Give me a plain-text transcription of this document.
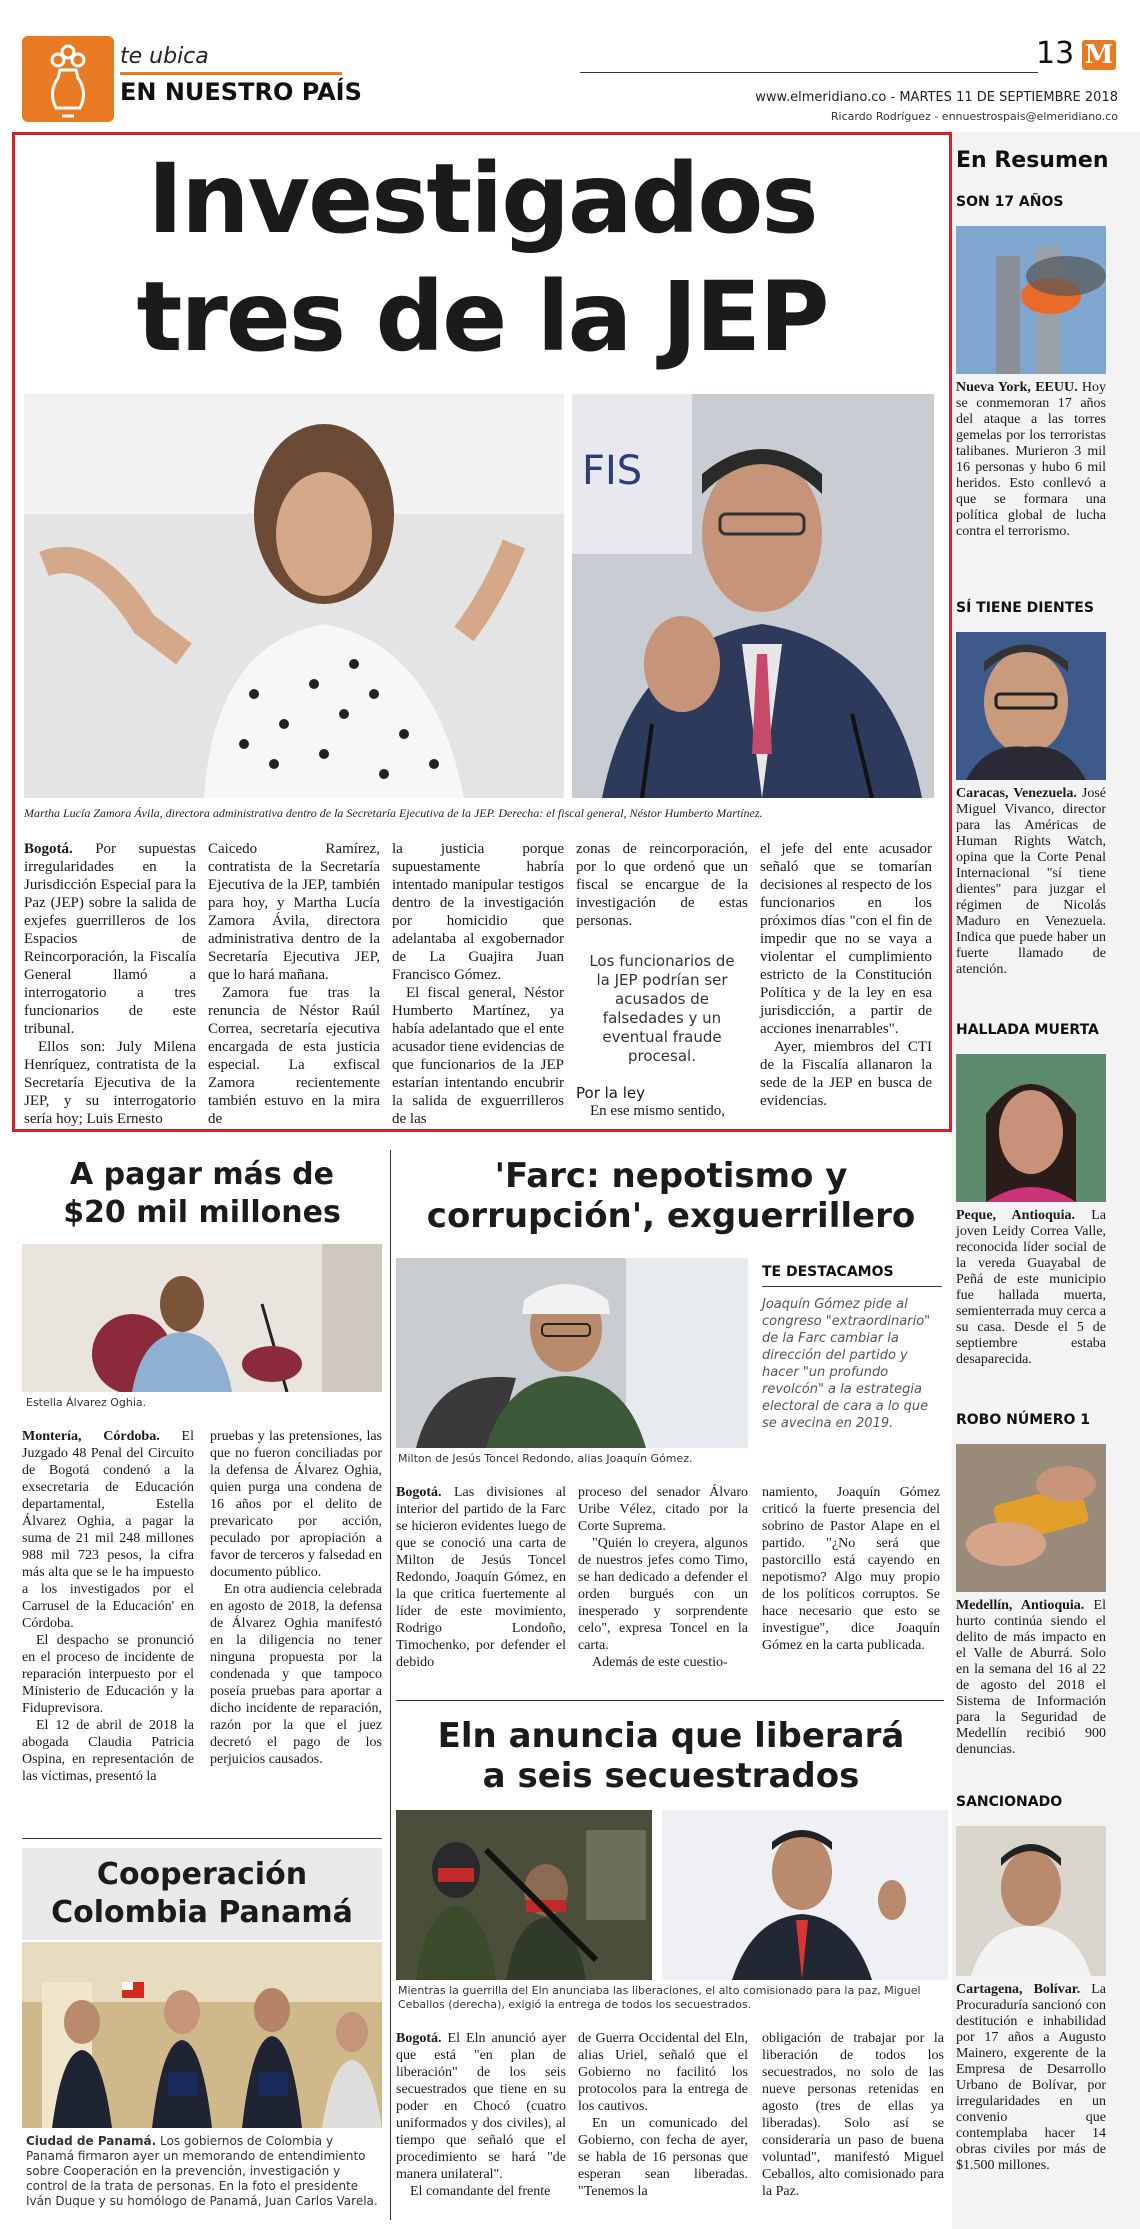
te ubica
EN NUESTRO PAÍS
13 M
www.elmeridiano.co - MARTES 11 DE SEPTIEMBRE 2018
Ricardo Rodríguez - ennuestrospais@elmeridiano.co
Investigados
tres de la JEP
FIS
Martha Lucía Zamora Ávila, directora administrativa dentro de la Secretaría Ejecutiva de la JEP. Derecha: el fiscal general, Néstor Humberto Martínez.
Bogotá. Por supuestas irregularidades en la Jurisdicción Especial para la Paz (JEP) sobre la salida de exjefes guerrilleros de los Espacios de Reincorporación, la Fiscalía General llamó a interrogatorio a tres funcionarios de este tribunal.
Ellos son: July Milena Henríquez, contratista de la Secretaría Ejecutiva de la JEP, y su interrogatorio sería hoy; Luis Ernesto
Caicedo Ramírez, contratista de la Secretaría Ejecutiva de la JEP, también para hoy, y Martha Lucía Zamora Ávila, directora administrativa dentro de la Secretaría Ejecutiva JEP, que lo hará mañana.
Zamora fue tras la renuncia de Néstor Raúl Correa, secretaría ejecutiva encargada de esta justicia especial. La exfiscal Zamora recientemente también estuvo en la mira de
la justicia porque supuestamente habría intentado manipular testigos dentro de la investigación por homicidio que adelantaba al exgobernador de La Guajira Juan Francisco Gómez.
El fiscal general, Néstor Humberto Martínez, ya había adelantado que el ente acusador tiene evidencias de que funcionarios de la JEP estarían intentando encubrir la salida de exguerrilleros de las
zonas de reincorporación, por lo que ordenó que un fiscal se encargue de la investigación de estas personas.
Los funcionarios de la JEP podrían ser acusados de falsedades y un eventual fraude procesal.
Por la ley
En ese mismo sentido,
el jefe del ente acusador señaló que se tomarían decisiones al respecto de los funcionarios en los próximos días "con el fin de impedir que no se vaya a violentar el cumplimiento estricto de la Constitución Política y de la ley en esa jurisdicción, a partir de acciones inenarrables".
Ayer, miembros del CTI de la Fiscalía allanaron la sede de la JEP en busca de evidencias.
En Resumen
SON 17 AÑOS
Nueva York, EEUU. Hoy se conmemoran 17 años del ataque a las torres gemelas por los terroristas talibanes. Murieron 3 mil 16 personas y hubo 6 mil heridos. Esto conllevó a que se formara una política global de lucha contra el terrorismo.
SÍ TIENE DIENTES
Caracas, Venezuela. José Miguel Vivanco, director para las Américas de Human Rights Watch, opina que la Corte Penal Internacional "sí tiene dientes" para juzgar el régimen de Nicolás Maduro en Venezuela. Indica que puede haber un fuerte llamado de atención.
HALLADA MUERTA
Peque, Antioquia. La joven Leidy Correa Valle, reconocida líder social de la vereda Guayabal de Peñá de este municipio fue hallada muerta, semienterrada muy cerca a su casa. Desde el 5 de septiembre estaba desaparecida.
ROBO NÚMERO 1
Medellín, Antioquia. El hurto continúa siendo el delito de más impacto en el Valle de Aburrá. Solo en la semana del 16 al 22 de agosto del 2018 el Sistema de Información para la Seguridad de Medellín recibió 900 denuncias.
SANCIONADO
Cartagena, Bolívar. La Procuraduría sancionó con destitución e inhabilidad por 17 años a Augusto Mainero, exgerente de la Empresa de Desarrollo Urbano de Bolívar, por irregularidades en un convenio que contemplaba hacer 14 obras civiles por más de $1.500 millones.
A pagar más de
$20 mil millones
Estella Álvarez Oghia.
Montería, Córdoba. El Juzgado 48 Penal del Circuito de Bogotá condenó a la exsecretaria de Educación departamental, Estella Álvarez Oghia, a pagar la suma de 21 mil 248 millones 988 mil 723 pesos, la cifra más alta que se le ha impuesto a los investigados por el Carrusel de la Educación' en Córdoba.
El despacho se pronunció en el proceso de incidente de reparación interpuesto por el Ministerio de Educación y la Fiduprevisora.
El 12 de abril de 2018 la abogada Claudia Patricia Ospina, en representación de las víctimas, presentó la
pruebas y las pretensiones, las que no fueron conciliadas por la defensa de Álvarez Oghia, quien purga una condena de 16 años por el delito de prevaricato por acción, peculado por apropiación a favor de terceros y falsedad en documento público.
En otra audiencia celebrada en agosto de 2018, la defensa de Álvarez Oghia manifestó en la diligencia no tener ninguna propuesta por la condenada y que tampoco poseía pruebas para aportar a dicho incidente de reparación, razón por la que el juez decretó el pago de los perjuicios causados.
Cooperación
Colombia Panamá
Ciudad de Panamá. Los gobiernos de Colombia y Panamá firmaron ayer un memorando de entendimiento sobre Cooperación en la prevención, investigación y control de la trata de personas. En la foto el presidente Iván Duque y su homólogo de Panamá, Juan Carlos Varela.
'Farc: nepotismo y
corrupción', exguerrillero
Milton de Jesús Toncel Redondo, alias Joaquín Gómez.
TE DESTACAMOS
Joaquín Gómez pide al congreso "extraordinario" de la Farc cambiar la dirección del partido y hacer "un profundo revolcón" a la estrategia electoral de cara a lo que se avecina en 2019.
Bogotá. Las divisiones al interior del partido de la Farc se hicieron evidentes luego de que se conoció una carta de Milton de Jesús Toncel Redondo, Joaquín Gómez, en la que critica fuertemente al líder de este movimiento, Rodrigo Londoño, Timochenko, por defender el debido
proceso del senador Álvaro Uribe Vélez, citado por la Corte Suprema.
"Quién lo creyera, algunos de nuestros jefes como Timo, se han dedicado a defender el orden burgués con un inesperado y sorprendente celo", expresa Toncel en la carta.
Además de este cuestio-
namiento, Joaquín Gómez criticó la fuerte presencia del sobrino de Pastor Alape en el partido. "¿No será que pastorcillo está cayendo en nepotismo? Algo muy propio de los políticos corruptos. Se hace necesario que esto se investigue", dice Joaquín Gómez en la carta publicada.
Eln anuncia que liberará
a seis secuestrados
Mientras la guerrilla del Eln anunciaba las liberaciones, el alto comisionado para la paz, Miguel Ceballos (derecha), exigió la entrega de todos los secuestrados.
Bogotá. El Eln anunció ayer que está "en plan de liberación" de los seis secuestrados que tiene en su poder en Chocó (cuatro uniformados y dos civiles), al tiempo que señaló que el procedimiento se hará "de manera unilateral".
El comandante del frente
de Guerra Occidental del Eln, alias Uriel, señaló que el Gobierno no facilitó los protocolos para la entrega de los cautivos.
En un comunicado del Gobierno, con fecha de ayer, se habla de 16 personas que esperan sean liberadas. "Tenemos la
obligación de trabajar por la liberación de todos los secuestrados, no solo de las nueve personas retenidas en agosto (tres de ellas ya liberadas). Solo así se consideraría un paso de buena voluntad", manifestó Miguel Ceballos, alto comisionado para la Paz.
